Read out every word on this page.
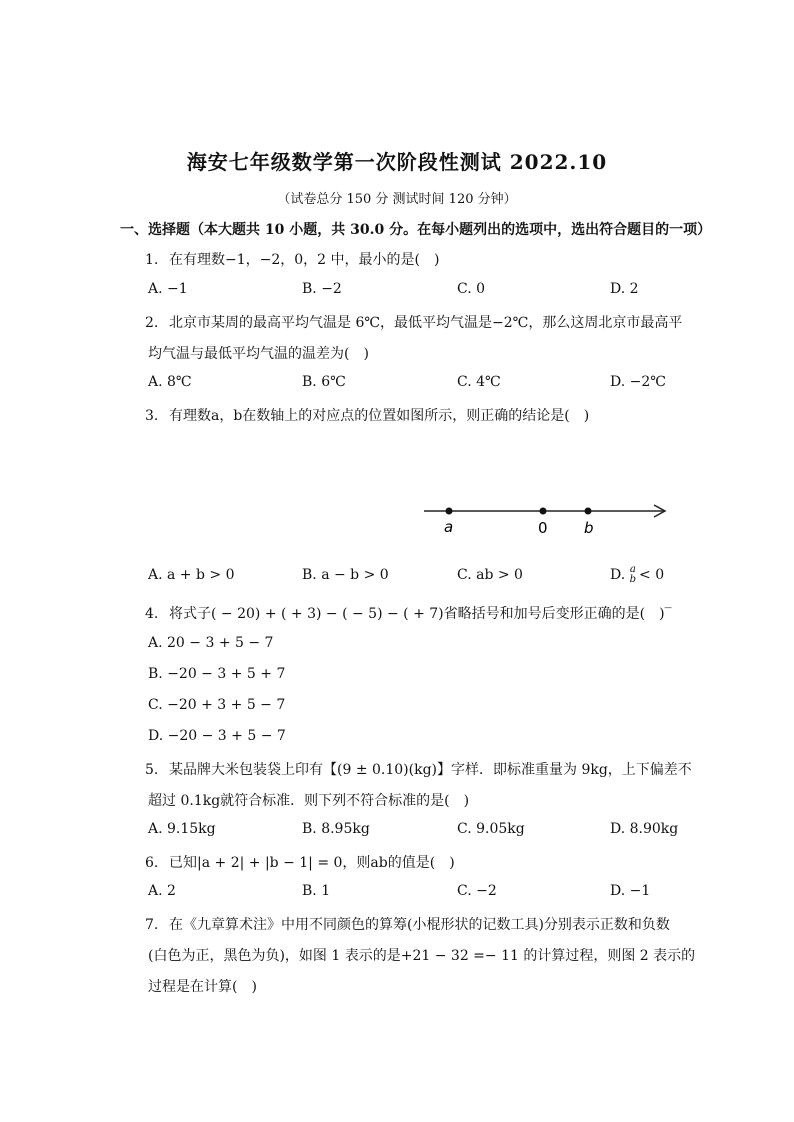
海安七年级数学第一次阶段性测试 2022.10
（试卷总分 150 分 测试时间 120 分钟）
一、选择题（本大题共 10 小题，共 30.0 分。在每小题列出的选项中，选出符合题目的一项）
1. 在有理数−1，−2，0，2 中，最小的是(　)
A. −1	B. −2	C. 0	D. 2
2. 北京市某周的最高平均气温是 6℃，最低平均气温是−2℃，那么这周北京市最高平
均气温与最低平均气温的温差为(　)
A. 8℃	B. 6℃	C. 4℃	D. −2℃
3. 有理数a，b在数轴上的对应点的位置如图所示，则正确的结论是(　)
a	0 b
A. a + b > 0	B. a − b > 0	C. ab > 0	D. a
b < 0
4. 将式子( − 20) + ( + 3) − ( − 5) − ( + 7)省略括号和加号后变形正确的是(　)‾
A. 20 − 3 + 5 − 7
B. −20 − 3 + 5 + 7
C. −20 + 3 + 5 − 7
D. −20 − 3 + 5 − 7
5. 某品牌大米包装袋上印有【(9 ± 0.10)(kg)】字样．即标准重量为 9kg，上下偏差不
超过 0.1kg就符合标准．则下列不符合标准的是(　)
A. 9.15kg	B. 8.95kg	C. 9.05kg	D. 8.90kg
6. 已知|a + 2| + |b − 1| = 0，则ab的值是(　)
A. 2	B. 1	C. −2	D. −1
7. 在《九章算术注》中用不同颜色的算筹(小棍形状的记数工具)分别表示正数和负数
(白色为正，黑色为负)，如图 1 表示的是+21 − 32 =− 11 的计算过程，则图 2 表示的
过程是在计算(　)
